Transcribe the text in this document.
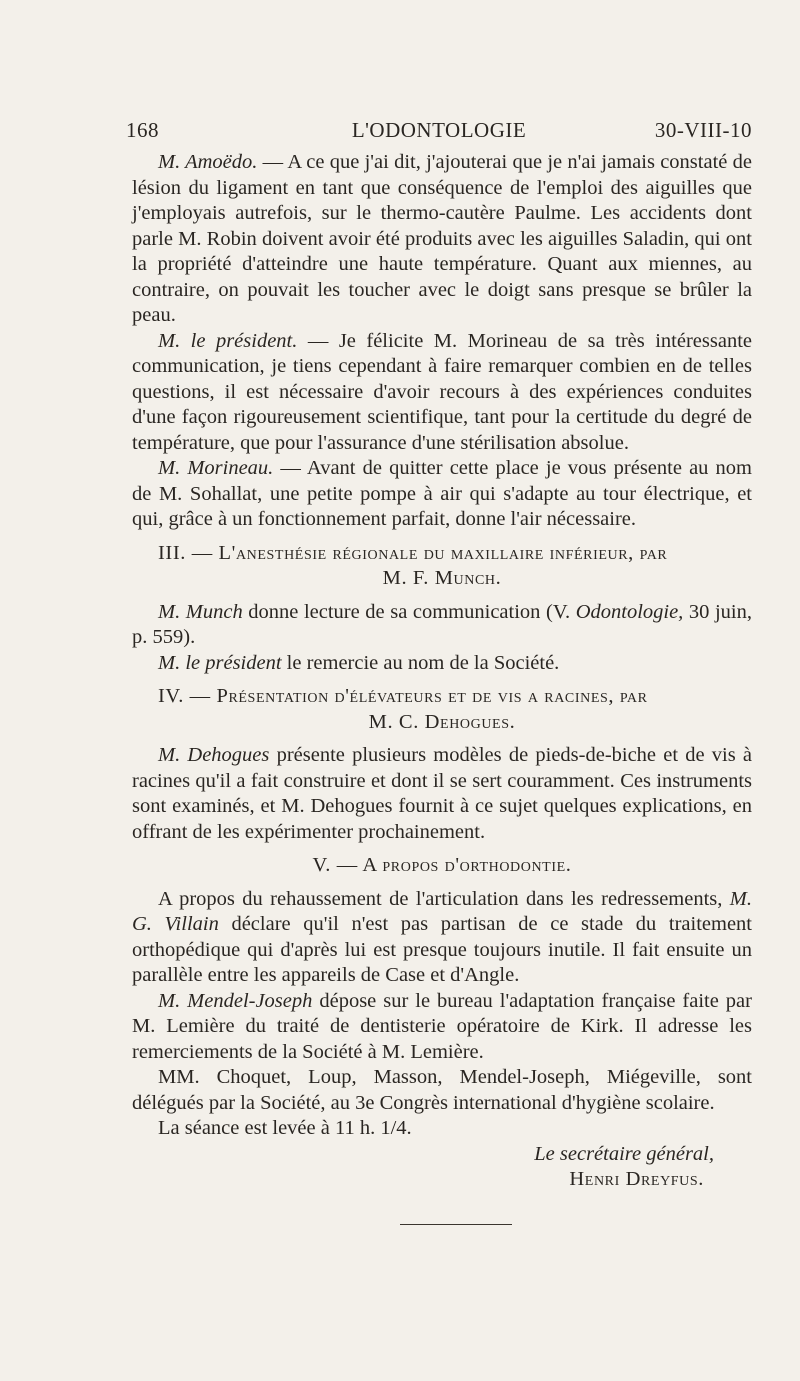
168	L'ODONTOLOGIE	30-VIII-10

M. Amoëdo. — A ce que j'ai dit, j'ajouterai que je n'ai jamais constaté de lésion du ligament en tant que conséquence de l'emploi des aiguilles que j'employais autrefois, sur le thermo-cautère Paulme. Les accidents dont parle M. Robin doivent avoir été produits avec les aiguilles Saladin, qui ont la propriété d'atteindre une haute température. Quant aux miennes, au contraire, on pouvait les toucher avec le doigt sans presque se brûler la peau.

M. le président. — Je félicite M. Morineau de sa très intéressante communication, je tiens cependant à faire remarquer combien en de telles questions, il est nécessaire d'avoir recours à des expériences conduites d'une façon rigoureusement scientifique, tant pour la certitude du degré de température, que pour l'assurance d'une stérilisation absolue.

M. Morineau. — Avant de quitter cette place je vous présente au nom de M. Sohallat, une petite pompe à air qui s'adapte au tour électrique, et qui, grâce à un fonctionnement parfait, donne l'air nécessaire.

III. — L'anesthésie régionale du maxillaire inférieur, par

M. F. Munch.

M. Munch donne lecture de sa communication (V. Odontologie, 30 juin, p. 559).

M. le président le remercie au nom de la Société.

IV. — Présentation d'élévateurs et de vis a racines, par

M. C. Dehogues.

M. Dehogues présente plusieurs modèles de pieds-de-biche et de vis à racines qu'il a fait construire et dont il se sert couramment. Ces instruments sont examinés, et M. Dehogues fournit à ce sujet quelques explications, en offrant de les expérimenter prochainement.

V. — A propos d'orthodontie.

A propos du rehaussement de l'articulation dans les redressements, M. G. Villain déclare qu'il n'est pas partisan de ce stade du traitement orthopédique qui d'après lui est presque toujours inutile. Il fait ensuite un parallèle entre les appareils de Case et d'Angle.

M. Mendel-Joseph dépose sur le bureau l'adaptation française faite par M. Lemière du traité de dentisterie opératoire de Kirk. Il adresse les remerciements de la Société à M. Lemière.

MM. Choquet, Loup, Masson, Mendel-Joseph, Miégeville, sont délégués par la Société, au 3e Congrès international d'hygiène scolaire.

La séance est levée à 11 h. 1/4.

Le secrétaire général,

Henri Dreyfus.
